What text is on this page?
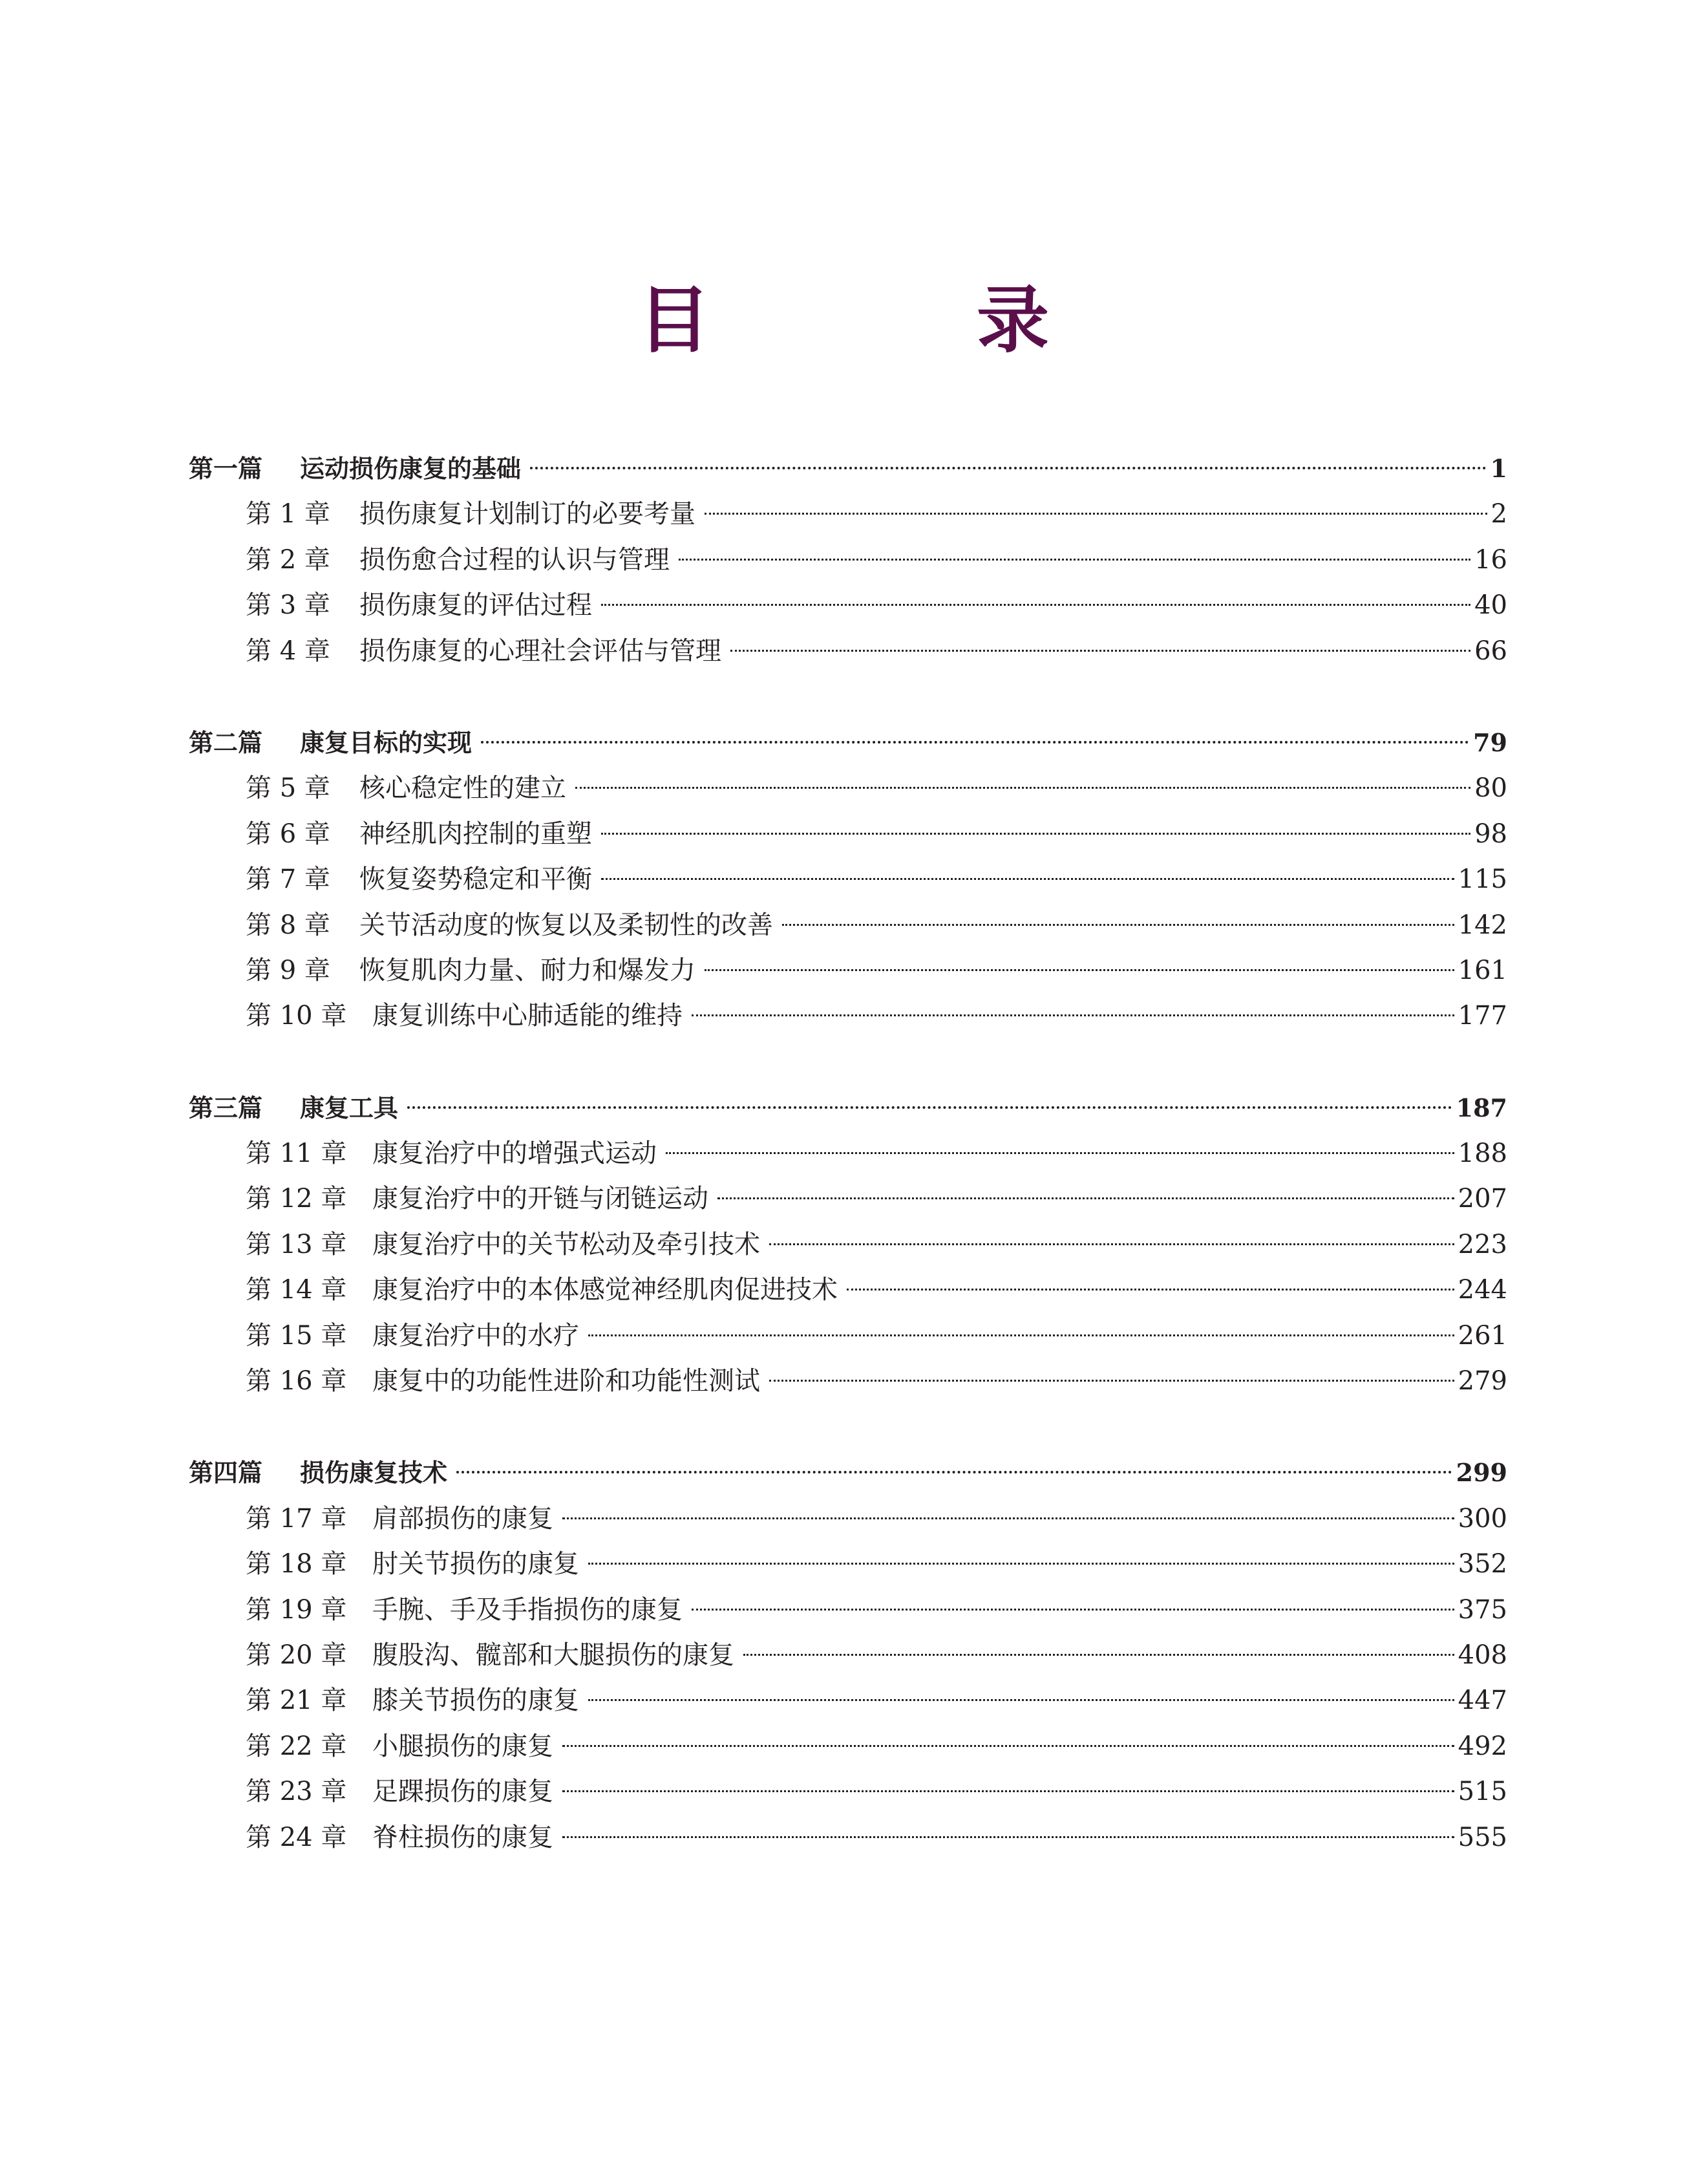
目　录
第一篇	运动损伤康复的基础	1
第 1 章	损伤康复计划制订的必要考量	2
第 2 章	损伤愈合过程的认识与管理	16
第 3 章	损伤康复的评估过程	40
第 4 章	损伤康复的心理社会评估与管理	66
第二篇	康复目标的实现	79
第 5 章	核心稳定性的建立	80
第 6 章	神经肌肉控制的重塑	98
第 7 章	恢复姿势稳定和平衡	115
第 8 章	关节活动度的恢复以及柔韧性的改善	142
第 9 章	恢复肌肉力量、耐力和爆发力	161
第 10 章 康复训练中心肺适能的维持	177
第三篇	康复工具	187
第 11 章 康复治疗中的增强式运动	188
第 12 章 康复治疗中的开链与闭链运动	207
第 13 章 康复治疗中的关节松动及牵引技术	223
第 14 章 康复治疗中的本体感觉神经肌肉促进技术	244
第 15 章 康复治疗中的水疗	261
第 16 章 康复中的功能性进阶和功能性测试	279
第四篇	损伤康复技术	299
第 17 章 肩部损伤的康复	300
第 18 章 肘关节损伤的康复	352
第 19 章 手腕、手及手指损伤的康复	375
第 20 章 腹股沟、髋部和大腿损伤的康复	408
第 21 章 膝关节损伤的康复	447
第 22 章 小腿损伤的康复	492
第 23 章 足踝损伤的康复	515
第 24 章 脊柱损伤的康复	555
